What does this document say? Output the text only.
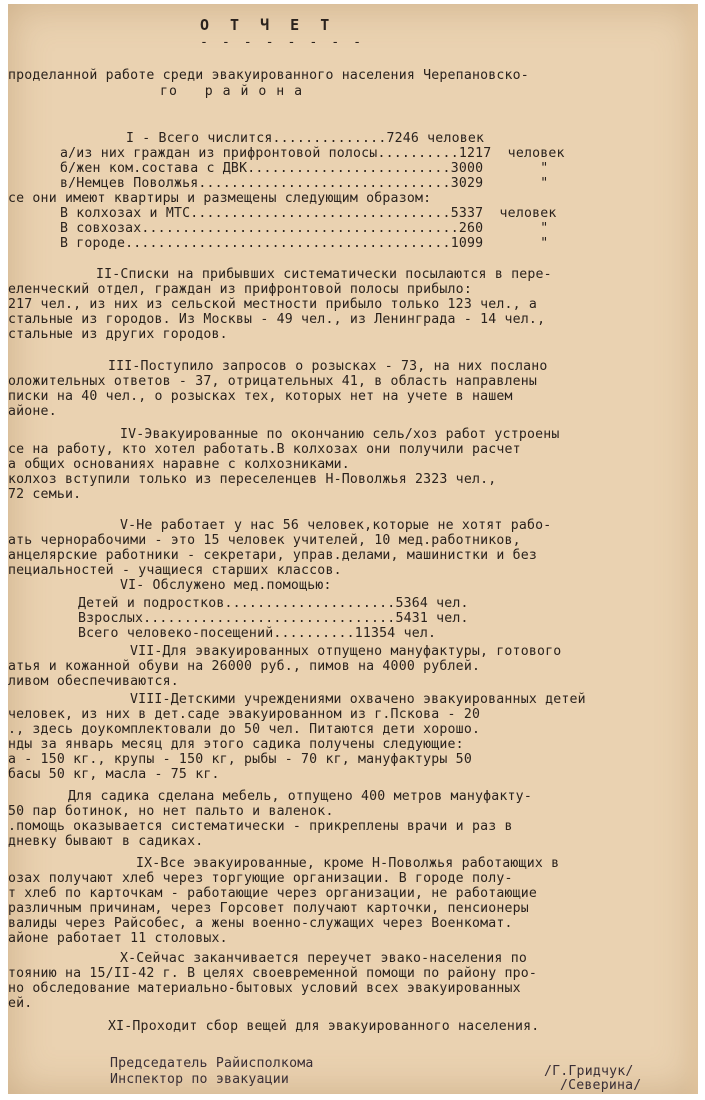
О Т Ч Е Т
- - - - - - - -
проделанной работе среди эвакуированного населения Черепановско-
го   р а й о н а
I - Всего числится..............7246 человек
а/из них граждан из прифронтовой полосы..........1217  человек
б/жен ком.состава с ДВК.........................3000       "
в/Немцев Поволжья...............................3029       "
се они имеют квартиры и размещены следующим образом:
В колхозах и МТС................................5337  человек
В совхозах.......................................260       "
В городе........................................1099       "
II-Списки на прибывших систематически посылаются в пере-
еленческий отдел, граждан из прифронтовой полосы прибыло:
217 чел., из них из сельской местности прибыло только 123 чел., а
стальные из городов. Из Москвы - 49 чел., из Ленинграда - 14 чел.,
стальные из других городов.
III-Поступило запросов о розысках - 73, на них послано
оложительных ответов - 37, отрицательных 41, в область направлены
писки на 40 чел., о розысках тех, которых нет на учете в нашем
айоне.
IV-Эвакуированные по окончанию сель/хоз работ устроены
се на работу, кто хотел работать.В колхозах они получили расчет
а общих основаниях наравне с колхозниками.
колхоз вступили только из переселенцев Н-Поволжья 2323 чел.,
72 семьи.
V-Не работает у нас 56 человек,которые не хотят рабо-
ать чернорабочими - это 15 человек учителей, 10 мед.работников,
анцелярские работники - секретари, управ.делами, машинистки и без
пециальностей - учащиеся старших классов.
VI- Обслужено мед.помощью:
Детей и подростков.....................5364 чел.
Взрослых...............................5431 чел.
Всего человеко-посещений..........11354 чел.
VII-Для эвакуированных отпущено мануфактуры, готового
атья и кожанной обуви на 26000 руб., пимов на 4000 рублей.
ливом обеспечиваются.
VIII-Детскими учреждениями охвачено эвакуированных детей
человек, из них в дет.саде эвакуированном из г.Пскова - 20
., здесь доукомплектовали до 50 чел. Питаются дети хорошо.
нды за январь месяц для этого садика получены следующие:
а - 150 кг., крупы - 150 кг, рыбы - 70 кг, мануфактуры 50
басы 50 кг, масла - 75 кг.
Для садика сделана мебель, отпущено 400 метров мануфакту-
50 пар ботинок, но нет пальто и валенок.
.помощь оказывается систематически - прикреплены врачи и раз в
дневку бывают в садиках.
IX-Все эвакуированные, кроме Н-Поволжья работающих в
озах получают хлеб через торгующие организации. В городе полу-
т хлеб по карточкам - работающие через организации, не работающие
различным причинам, через Горсовет получают карточки, пенсионеры
валиды через Райсобес, а жены военно-служащих через Военкомат.
айоне работает 11 столовых.
X-Сейчас заканчивается переучет эвако-населения по
тоянию на 15/II-42 г. В целях своевременной помощи по району про-
но обследование материально-бытовых условий всех эвакуированных
ей.
XI-Проходит сбор вещей для эвакуированного населения.
Председатель Райисполкома
Инспектор по эвакуации
/Г.Гридчук/
/Северина/
